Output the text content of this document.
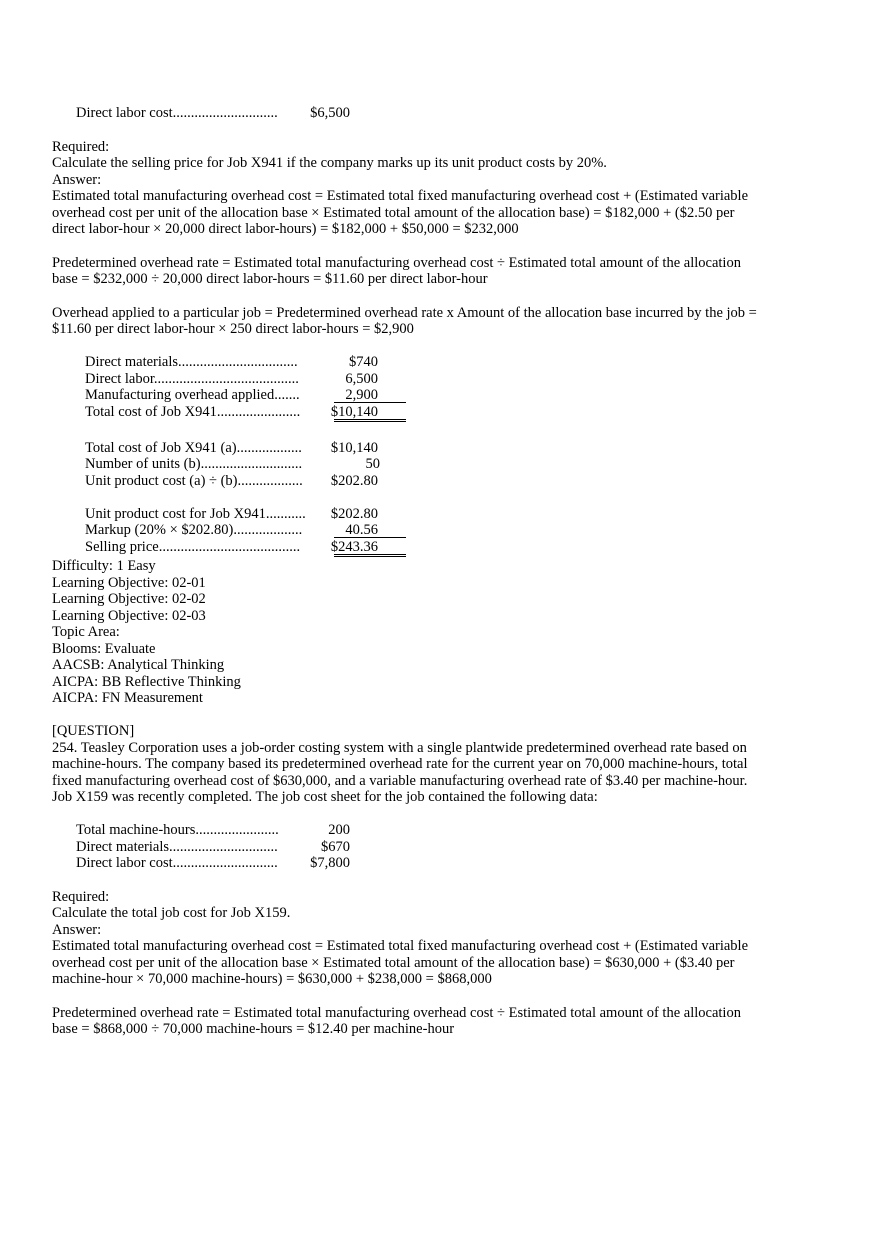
Direct labor cost.............................	$6,500
Required:
Calculate the selling price for Job X941 if the company marks up its unit product costs by 20%.
Answer:
Estimated total manufacturing overhead cost = Estimated total fixed manufacturing overhead cost + (Estimated variable
overhead cost per unit of the allocation base × Estimated total amount of the allocation base) = $182,000 + ($2.50 per
direct labor-hour × 20,000 direct labor-hours) = $182,000 + $50,000 = $232,000
Predetermined overhead rate = Estimated total manufacturing overhead cost ÷ Estimated total amount of the allocation
base = $232,000 ÷ 20,000 direct labor-hours = $11.60 per direct labor-hour
Overhead applied to a particular job = Predetermined overhead rate x Amount of the allocation base incurred by the job =
$11.60 per direct labor-hour × 250 direct labor-hours = $2,900
Direct materials.................................	$740
Direct labor........................................	6,500
Manufacturing overhead applied.......	2,900
Total cost of Job X941.......................	$10,140
Total cost of Job X941 (a)..................	$10,140
Number of units (b)............................	50
Unit product cost (a) ÷ (b)..................	$202.80
Unit product cost for Job X941...........	$202.80
Markup (20% × $202.80)...................	40.56
Selling price.......................................	$243.36
Difficulty: 1 Easy
Learning Objective: 02-01
Learning Objective: 02-02
Learning Objective: 02-03
Topic Area:
Blooms: Evaluate
AACSB: Analytical Thinking
AICPA: BB Reflective Thinking
AICPA: FN Measurement
[QUESTION]
254. Teasley Corporation uses a job-order costing system with a single plantwide predetermined overhead rate based on
machine-hours. The company based its predetermined overhead rate for the current year on 70,000 machine-hours, total
fixed manufacturing overhead cost of $630,000, and a variable manufacturing overhead rate of $3.40 per machine-hour.
Job X159 was recently completed. The job cost sheet for the job contained the following data:
Total machine-hours.......................	200
Direct materials..............................	$670
Direct labor cost.............................	$7,800
Required:
Calculate the total job cost for Job X159.
Answer:
Estimated total manufacturing overhead cost = Estimated total fixed manufacturing overhead cost + (Estimated variable
overhead cost per unit of the allocation base × Estimated total amount of the allocation base) = $630,000 + ($3.40 per
machine-hour × 70,000 machine-hours) = $630,000 + $238,000 = $868,000
Predetermined overhead rate = Estimated total manufacturing overhead cost ÷ Estimated total amount of the allocation
base = $868,000 ÷ 70,000 machine-hours = $12.40 per machine-hour
